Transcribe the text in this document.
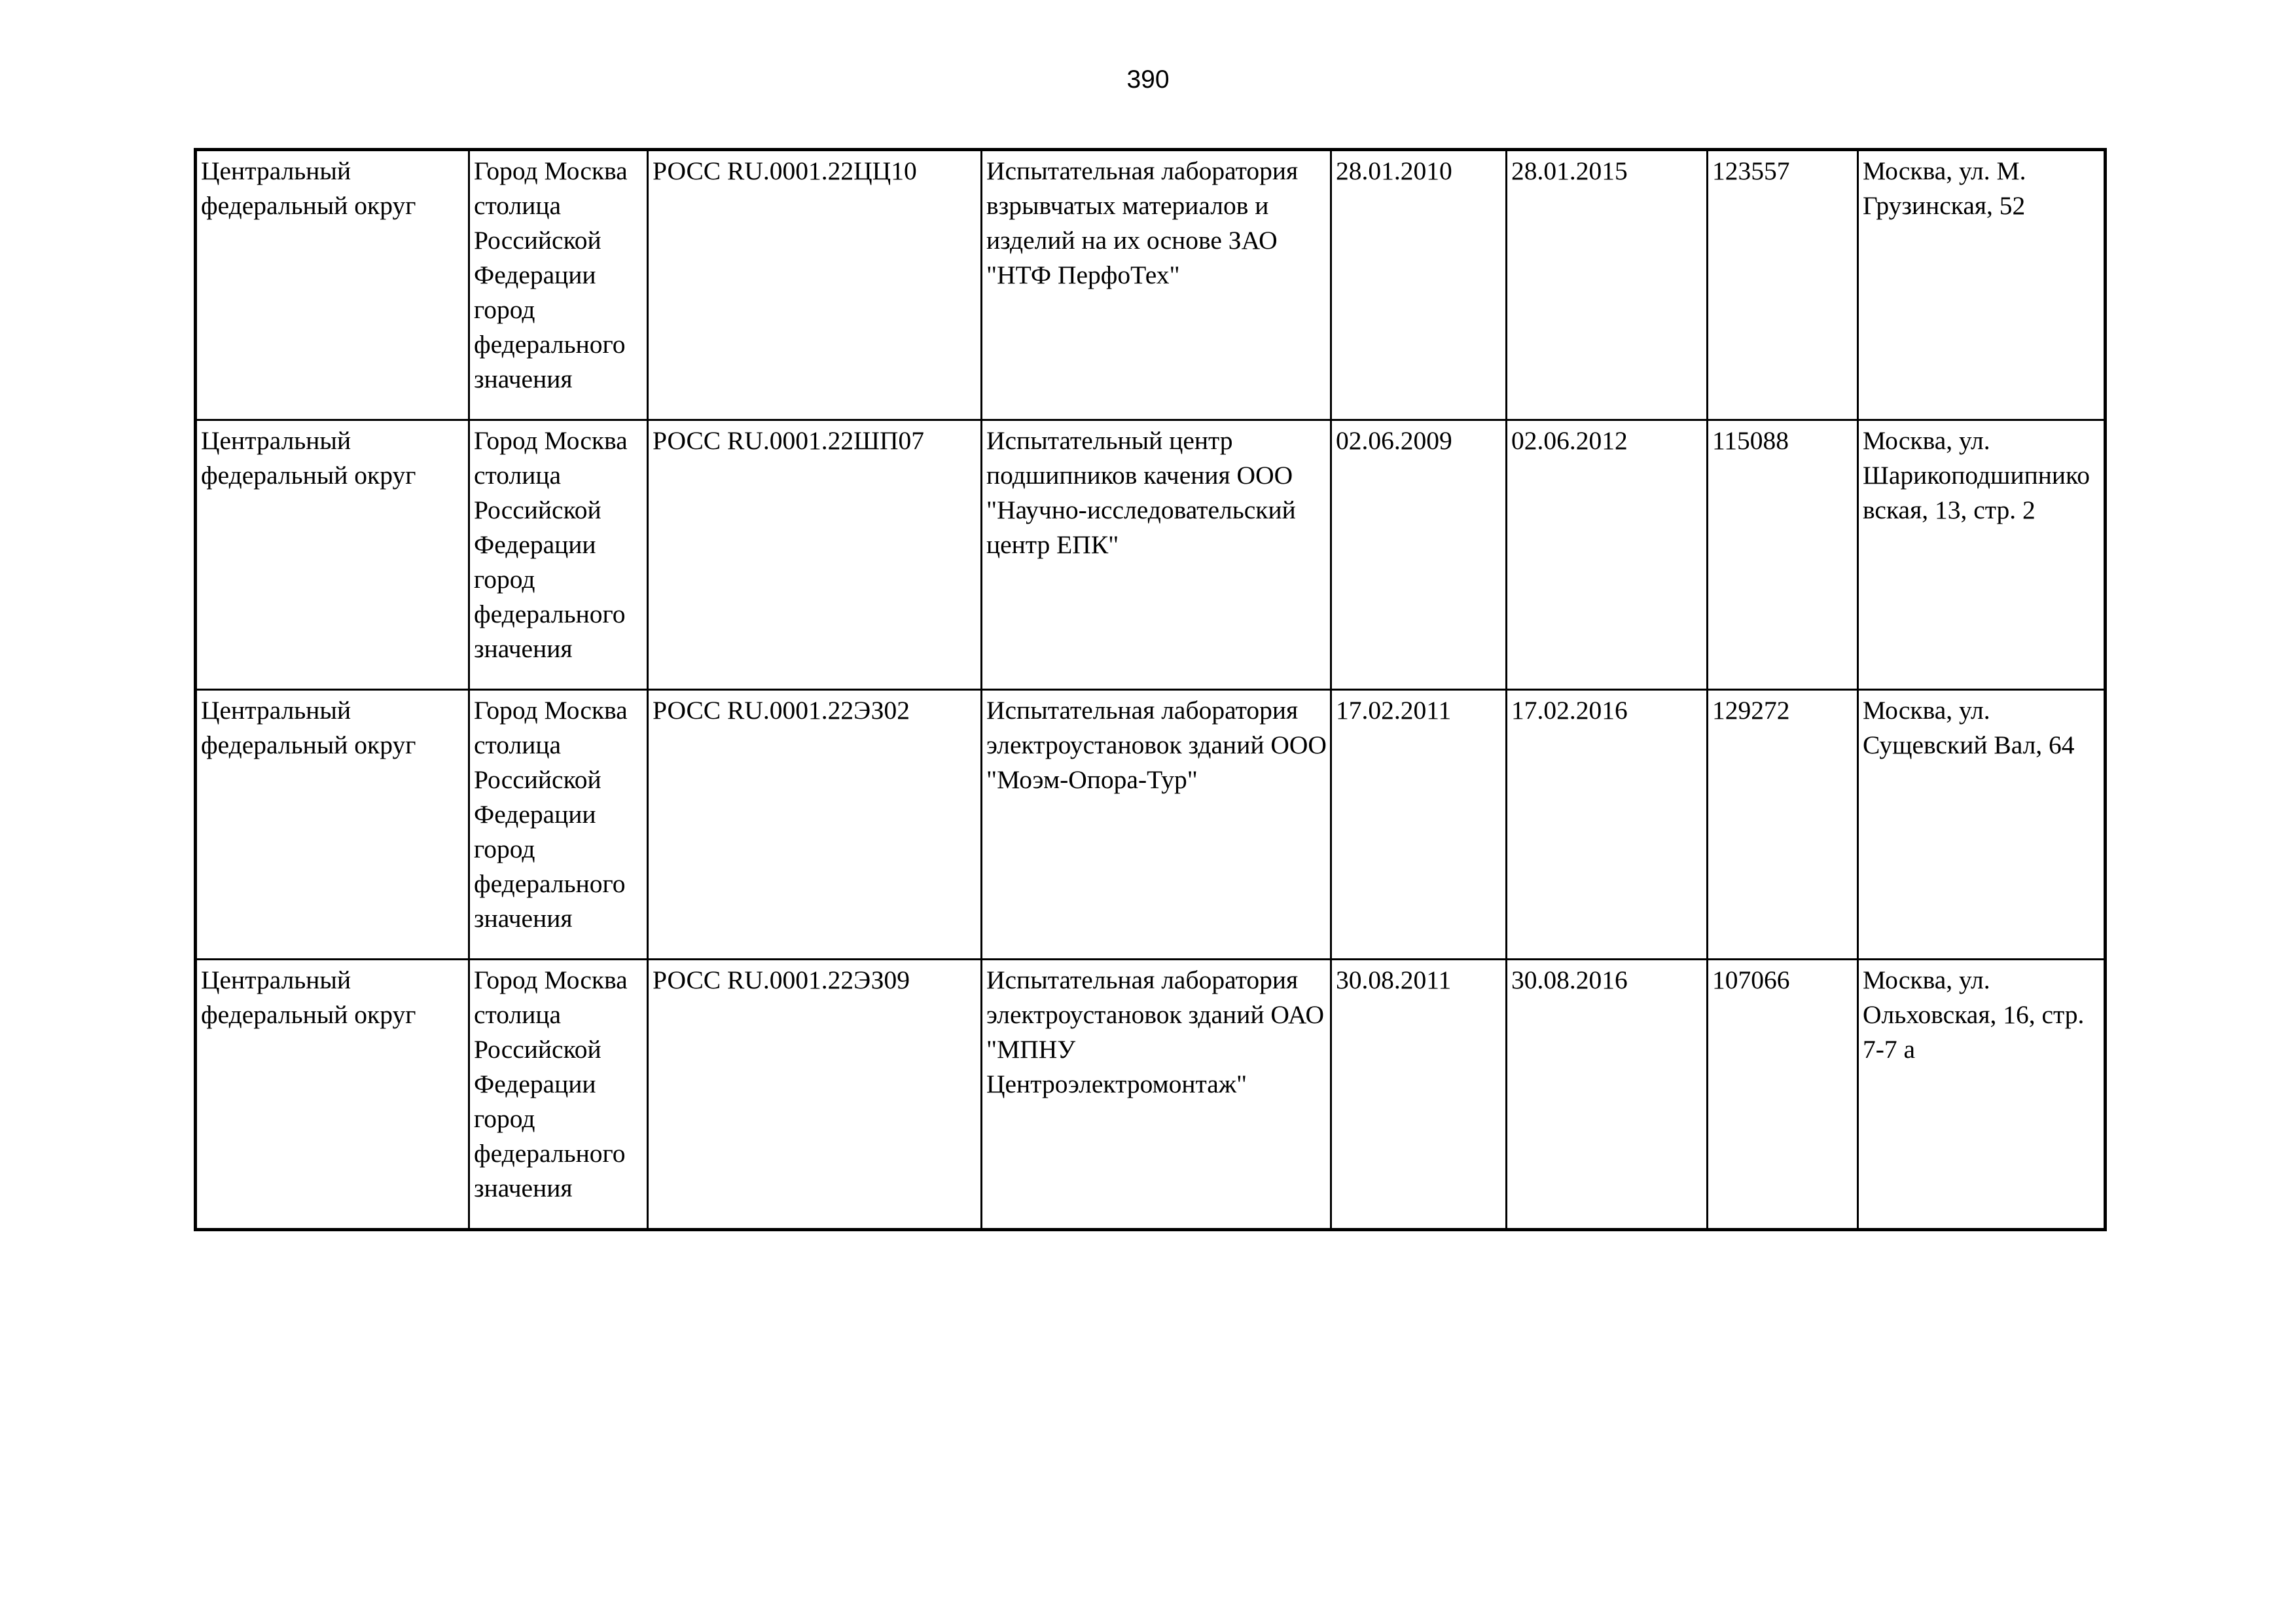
390
Центральный федеральный округ	Город Москва столица Российской Федерации город федерального значения	РОСС RU.0001.22ЦЦ10	Испытательная лаборатория взрывчатых материалов и изделий на их основе ЗАО "НТФ ПерфоТех"	28.01.2010	28.01.2015	123557	Москва, ул. М. Грузинская, 52

Центральный федеральный округ	Город Москва столица Российской Федерации город федерального значения	РОСС RU.0001.22ШП07	Испытательный центр подшипников качения ООО "Научно-исследовательский центр ЕПК"	02.06.2009	02.06.2012	115088	Москва, ул. Шарикоподшипниковская, 13, стр. 2

Центральный федеральный округ	Город Москва столица Российской Федерации город федерального значения	РОСС RU.0001.22ЭЗ02	Испытательная лаборатория электроустановок зданий ООО "Моэм-Опора-Тур"	17.02.2011	17.02.2016	129272	Москва, ул. Сущевский Вал, 64

Центральный федеральный округ	Город Москва столица Российской Федерации город федерального значения	РОСС RU.0001.22ЭЗ09	Испытательная лаборатория электроустановок зданий ОАО "МПНУ Центроэлектромонтаж"	30.08.2011	30.08.2016	107066	Москва, ул. Ольховская, 16, стр. 7-7 а
